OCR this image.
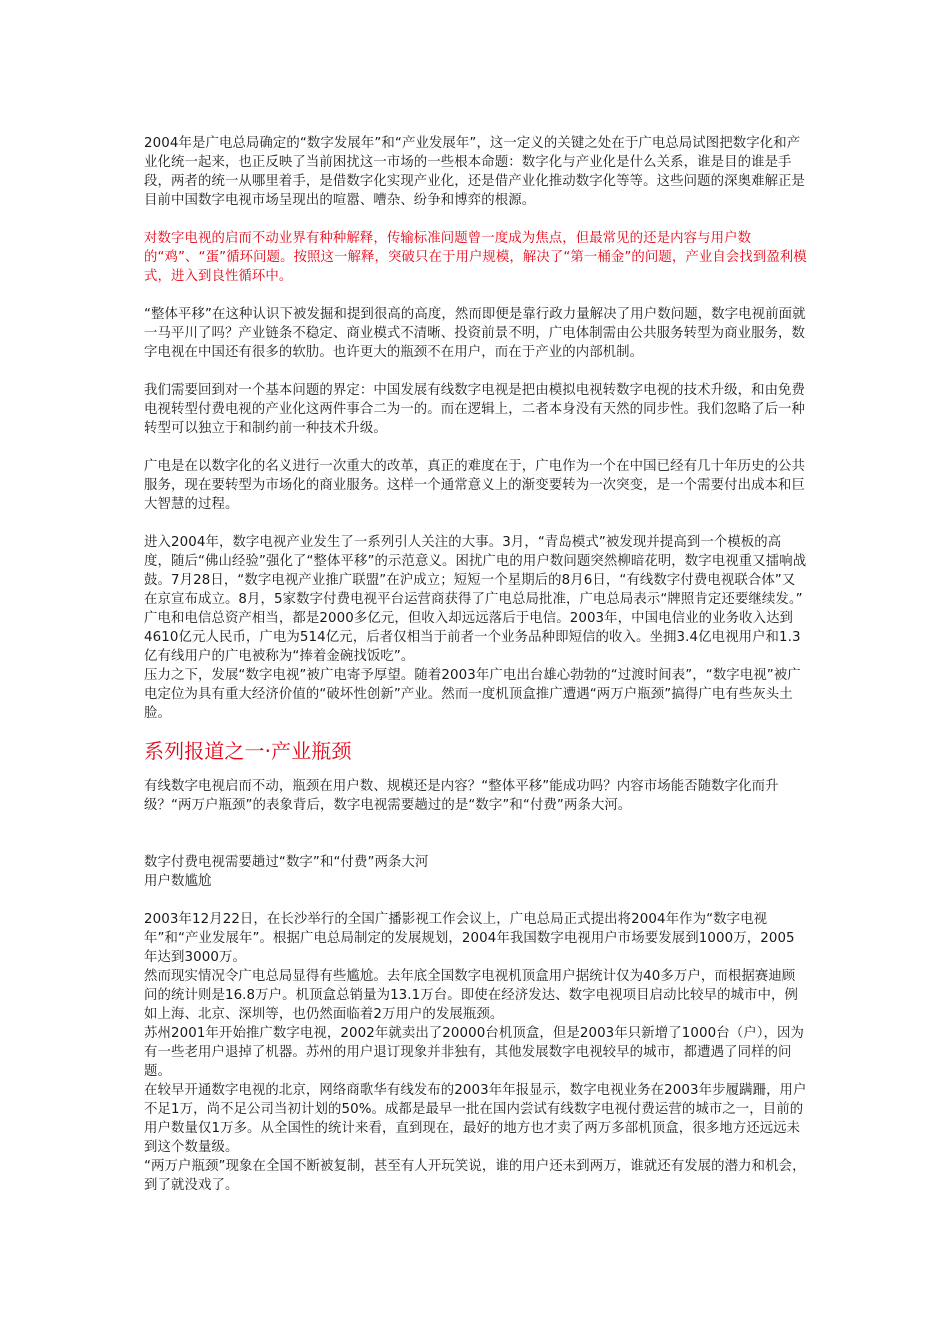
2004年是广电总局确定的“数字发展年”和“产业发展年”，这一定义的关键之处在于广电总局试图把数字化和产业化统一起来，也正反映了当前困扰这一市场的一些根本命题：数字化与产业化是什么关系，谁是目的谁是手段，两者的统一从哪里着手，是借数字化实现产业化，还是借产业化推动数字化等等。这些问题的深奥难解正是目前中国数字电视市场呈现出的喧嚣、嘈杂、纷争和博弈的根源。

对数字电视的启而不动业界有种种解释，传输标准问题曾一度成为焦点，但最常见的还是内容与用户数的“鸡”、“蛋”循环问题。按照这一解释，突破只在于用户规模，解决了“第一桶金”的问题，产业自会找到盈利模式，进入到良性循环中。

“整体平移”在这种认识下被发掘和提到很高的高度，然而即便是靠行政力量解决了用户数问题，数字电视前面就一马平川了吗？产业链条不稳定、商业模式不清晰、投资前景不明，广电体制需由公共服务转型为商业服务，数字电视在中国还有很多的软肋。也许更大的瓶颈不在用户，而在于产业的内部机制。

我们需要回到对一个基本问题的界定：中国发展有线数字电视是把由模拟电视转数字电视的技术升级，和由免费电视转型付费电视的产业化这两件事合二为一的。而在逻辑上，二者本身没有天然的同步性。我们忽略了后一种转型可以独立于和制约前一种技术升级。

广电是在以数字化的名义进行一次重大的改革，真正的难度在于，广电作为一个在中国已经有几十年历史的公共服务，现在要转型为市场化的商业服务。这样一个通常意义上的渐变要转为一次突变，是一个需要付出成本和巨大智慧的过程。

进入2004年，数字电视产业发生了一系列引人关注的大事。3月，“青岛模式”被发现并提高到一个模板的高度，随后“佛山经验”强化了“整体平移”的示范意义。困扰广电的用户数问题突然柳暗花明，数字电视重又擂响战鼓。7月28日，“数字电视产业推广联盟”在沪成立；短短一个星期后的8月6日，“有线数字付费电视联合体”又在京宣布成立。8月，5家数字付费电视平台运营商获得了广电总局批准，广电总局表示“牌照肯定还要继续发。”

广电和电信总资产相当，都是2000多亿元，但收入却远远落后于电信。2003年，中国电信业的业务收入达到4610亿元人民币，广电为514亿元，后者仅相当于前者一个业务品种即短信的收入。坐拥3.4亿电视用户和1.3亿有线用户的广电被称为“捧着金碗找饭吃”。

压力之下，发展“数字电视”被广电寄予厚望。随着2003年广电出台雄心勃勃的“过渡时间表”，“数字电视”被广电定位为具有重大经济价值的“破坏性创新”产业。然而一度机顶盒推广遭遇“两万户瓶颈”搞得广电有些灰头土脸。

系列报道之一·产业瓶颈

有线数字电视启而不动，瓶颈在用户数、规模还是内容？“整体平移”能成功吗？内容市场能否随数字化而升级？“两万户瓶颈”的表象背后，数字电视需要趟过的是“数字”和“付费”两条大河。

数字付费电视需要趟过“数字”和“付费”两条大河

用户数尴尬

2003年12月22日，在长沙举行的全国广播影视工作会议上，广电总局正式提出将2004年作为“数字电视年”和“产业发展年”。根据广电总局制定的发展规划，2004年我国数字电视用户市场要发展到1000万，2005年达到3000万。

然而现实情况令广电总局显得有些尴尬。去年底全国数字电视机顶盒用户据统计仅为40多万户，而根据赛迪顾问的统计则是16.8万户。机顶盒总销量为13.1万台。即使在经济发达、数字电视项目启动比较早的城市中，例如上海、北京、深圳等，也仍然面临着2万用户的发展瓶颈。

苏州2001年开始推广数字电视，2002年就卖出了20000台机顶盒，但是2003年只新增了1000台（户），因为有一些老用户退掉了机器。苏州的用户退订现象并非独有，其他发展数字电视较早的城市，都遭遇了同样的问题。

在较早开通数字电视的北京，网络商歌华有线发布的2003年年报显示，数字电视业务在2003年步履蹒跚，用户不足1万，尚不足公司当初计划的50%。成都是最早一批在国内尝试有线数字电视付费运营的城市之一，目前的用户数量仅1万多。从全国性的统计来看，直到现在，最好的地方也才卖了两万多部机顶盒，很多地方还远远未到这个数量级。

“两万户瓶颈”现象在全国不断被复制，甚至有人开玩笑说，谁的用户还未到两万，谁就还有发展的潜力和机会，到了就没戏了。
